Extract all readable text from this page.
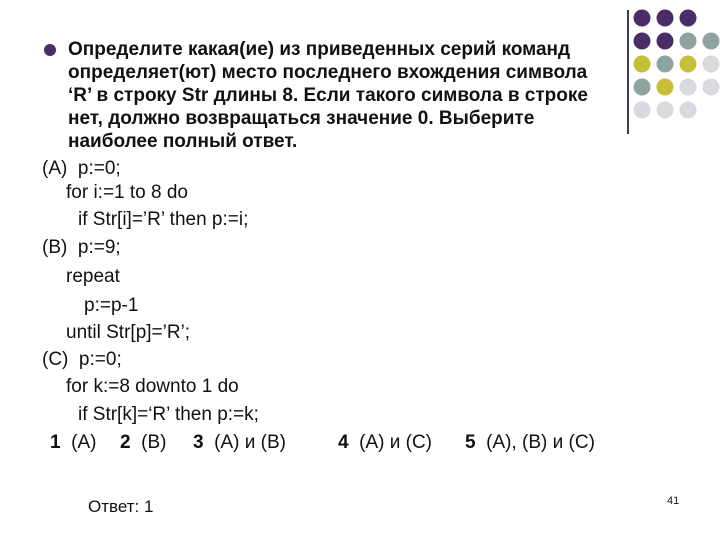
Определите какая(ие) из приведенных серий команд
определяет(ют) место последнего вхождения символа
‘R’ в строку Str длины 8. Если такого символа в строке
нет, должно возвращаться значение 0. Выберите
наиболее полный ответ.
(A)  p:=0;
for i:=1 to 8 do
if Str[i]=’R’ then p:=i;
(B)  p:=9;
repeat
p:=p-1
until Str[p]=’R’;
(C)  p:=0;
for k:=8 downto 1 do
if Str[k]=‘R’ then p:=k;
1 (A) 2 (B) 3 (A) и (B)	4 (A) и (C) 5 (A), (B) и (C)
Ответ: 1	41
